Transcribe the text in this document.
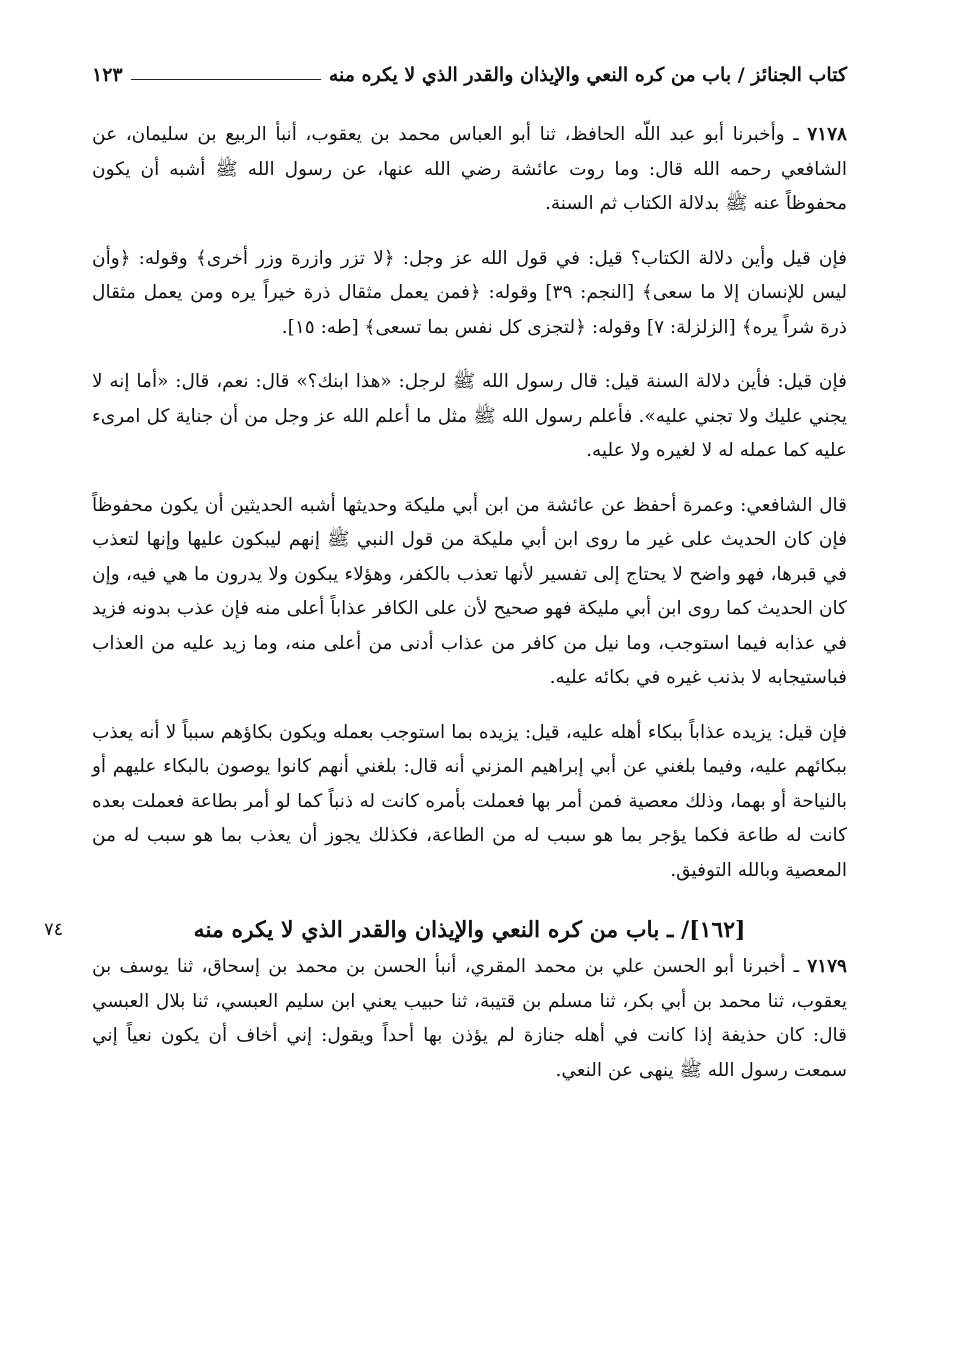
كتاب الجنائز / باب من كره النعي والإيذان والقدر الذي لا يكره منه
١٢٣

٧١٧٨ ـ وأخبرنا أبو عبد اللّه الحافظ، ثنا أبو العباس محمد بن يعقوب، أنبأ الربيع بن سليمان، عن الشافعي رحمه الله قال: وما روت عائشة رضي الله عنها، عن رسول الله ﷺ أشبه أن يكون محفوظاً عنه ﷺ بدلالة الكتاب ثم السنة.

فإن قيل وأين دلالة الكتاب؟ قيل: في قول الله عز وجل: ﴿لا تزر وازرة وزر أخرى﴾ وقوله: ﴿وأن ليس للإنسان إلا ما سعى﴾ [النجم: ٣٩] وقوله: ﴿فمن يعمل مثقال ذرة خيراً يره ومن يعمل مثقال ذرة شراً يره﴾ [الزلزلة: ٧] وقوله: ﴿لتجزى كل نفس بما تسعى﴾ [طه: ١٥].

فإن قيل: فأين دلالة السنة قيل: قال رسول الله ﷺ لرجل: «هذا ابنك؟» قال: نعم، قال: «أما إنه لا يجني عليك ولا تجني عليه». فأعلم رسول الله ﷺ مثل ما أعلم الله عز وجل من أن جناية كل امرىء عليه كما عمله له لا لغيره ولا عليه.

قال الشافعي: وعمرة أحفظ عن عائشة من ابن أبي مليكة وحديثها أشبه الحديثين أن يكون محفوظاً فإن كان الحديث على غير ما روى ابن أبي مليكة من قول النبي ﷺ إنهم ليبكون عليها وإنها لتعذب في قبرها، فهو واضح لا يحتاج إلى تفسير لأنها تعذب بالكفر، وهؤلاء يبكون ولا يدرون ما هي فيه، وإن كان الحديث كما روى ابن أبي مليكة فهو صحيح لأن على الكافر عذاباً أعلى منه فإن عذب بدونه فزيد في عذابه فيما استوجب، وما نيل من كافر من عذاب أدنى من أعلى منه، وما زيد عليه من العذاب فباستيجابه لا بذنب غيره في بكائه عليه.

فإن قيل: يزيده عذاباً ببكاء أهله عليه، قيل: يزيده بما استوجب بعمله ويكون بكاؤهم سبباً لا أنه يعذب ببكائهم عليه، وفيما بلغني عن أبي إبراهيم المزني أنه قال: بلغني أنهم كانوا يوصون بالبكاء عليهم أو بالنياحة أو بهما، وذلك معصية فمن أمر بها فعملت بأمره كانت له ذنباً كما لو أمر بطاعة فعملت بعده كانت له طاعة فكما يؤجر بما هو سبب له من الطاعة، فكذلك يجوز أن يعذب بما هو سبب له من المعصية وبالله التوفيق.

[١٦٢]/ ـ باب من كره النعي والإيذان والقدر الذي لا يكره منه
٧٤

٧١٧٩ ـ أخبرنا أبو الحسن علي بن محمد المقري، أنبأ الحسن بن محمد بن إسحاق، ثنا يوسف بن يعقوب، ثنا محمد بن أبي بكر، ثنا مسلم بن قتيبة، ثنا حبيب يعني ابن سليم العبسي، ثنا بلال العبسي قال: كان حذيفة إذا كانت في أهله جنازة لم يؤذن بها أحداً ويقول: إني أخاف أن يكون نعياً إني سمعت رسول الله ﷺ ينهى عن النعي.
